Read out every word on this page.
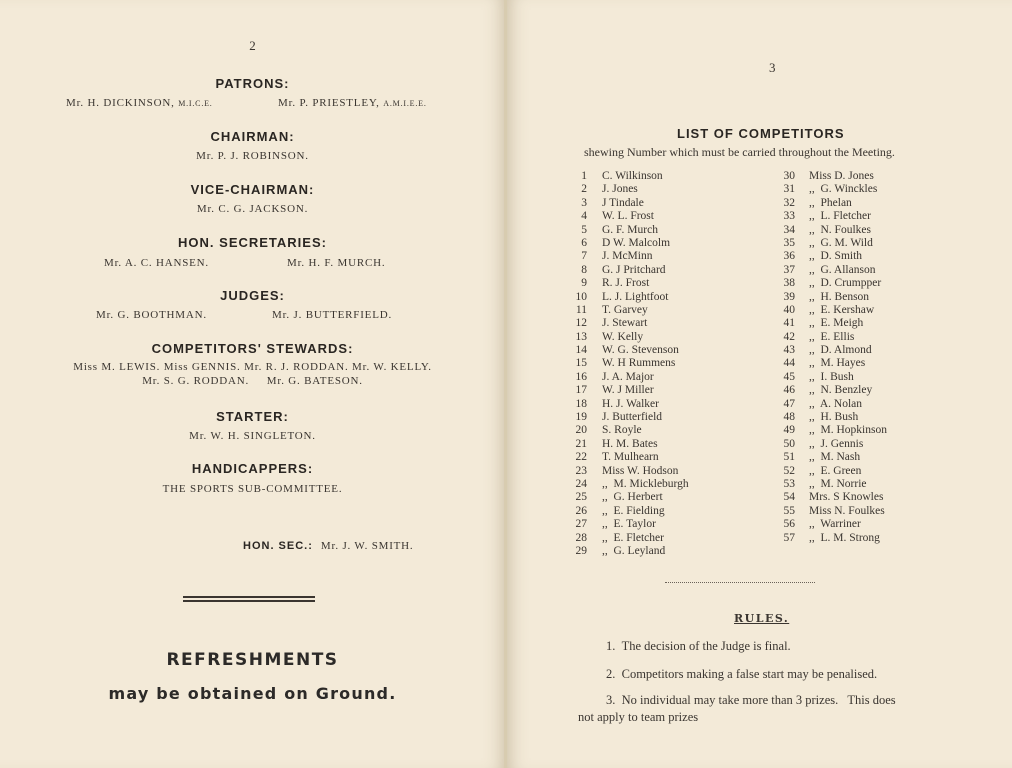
2
PATRONS:
Mr. H. DICKINSON, M.I.C.E.	Mr. P. PRIESTLEY, A.M.I.E.E.
CHAIRMAN:
Mr. P. J. ROBINSON.
VICE-CHAIRMAN:
Mr. C. G. JACKSON.
HON. SECRETARIES:
Mr. A. C. HANSEN.	Mr. H. F. MURCH.
JUDGES:
Mr. G. BOOTHMAN.	Mr. J. BUTTERFIELD.
COMPETITORS' STEWARDS:
Miss M. LEWIS. Miss GENNIS. Mr. R. J. RODDAN. Mr. W. KELLY.
Mr. S. G. RODDAN.     Mr. G. BATESON.
STARTER:
Mr. W. H. SINGLETON.
HANDICAPPERS:
THE SPORTS SUB-COMMITTEE.
HON. SEC.: Mr. J. W. SMITH.
REFRESHMENTS
may be obtained on Ground.
3
LIST OF COMPETITORS
shewing Number which must be carried throughout the Meeting.
1 C. Wilkinson
2 J. Jones
3 J Tindale
4 W. L. Frost
5 G. F. Murch
6 D W. Malcolm
7 J. McMinn
8 G. J Pritchard
9 R. J. Frost
10 L. J. Lightfoot
11 T. Garvey
12 J. Stewart
13 W. Kelly
14 W. G. Stevenson
15 W. H Rummens
16 J. A. Major
17 W. J Miller
18 H. J. Walker
19 J. Butterfield
20 S. Royle
21 H. M. Bates
22 T. Mulhearn
23 Miss W. Hodson
24 ,,  M. Mickleburgh
25 ,,  G. Herbert
26 ,,  E. Fielding
27 ,,  E. Taylor
28 ,,  E. Fletcher
29 ,,  G. Leyland
30 Miss D. Jones
31 ,,  G. Winckles
32 ,,  Phelan
33 ,,  L. Fletcher
34 ,,  N. Foulkes
35 ,,  G. M. Wild
36 ,,  D. Smith
37 ,,  G. Allanson
38 ,,  D. Crumpper
39 ,,  H. Benson
40 ,,  E. Kershaw
41 ,,  E. Meigh
42 ,,  E. Ellis
43 ,,  D. Almond
44 ,,  M. Hayes
45 ,,  I. Bush
46 ,,  N. Benzley
47 ,,  A. Nolan
48 ,,  H. Bush
49 ,,  M. Hopkinson
50 ,,  J. Gennis
51 ,,  M. Nash
52 ,,  E. Green
53 ,,  M. Norrie
54 Mrs. S Knowles
55 Miss N. Foulkes
56 ,,  Warriner
57 ,,  L. M. Strong
RULES.
1. The decision of the Judge is final.
2. Competitors making a false start may be penalised.
3. No individual may take more than 3 prizes.   This does
not apply to team prizes
